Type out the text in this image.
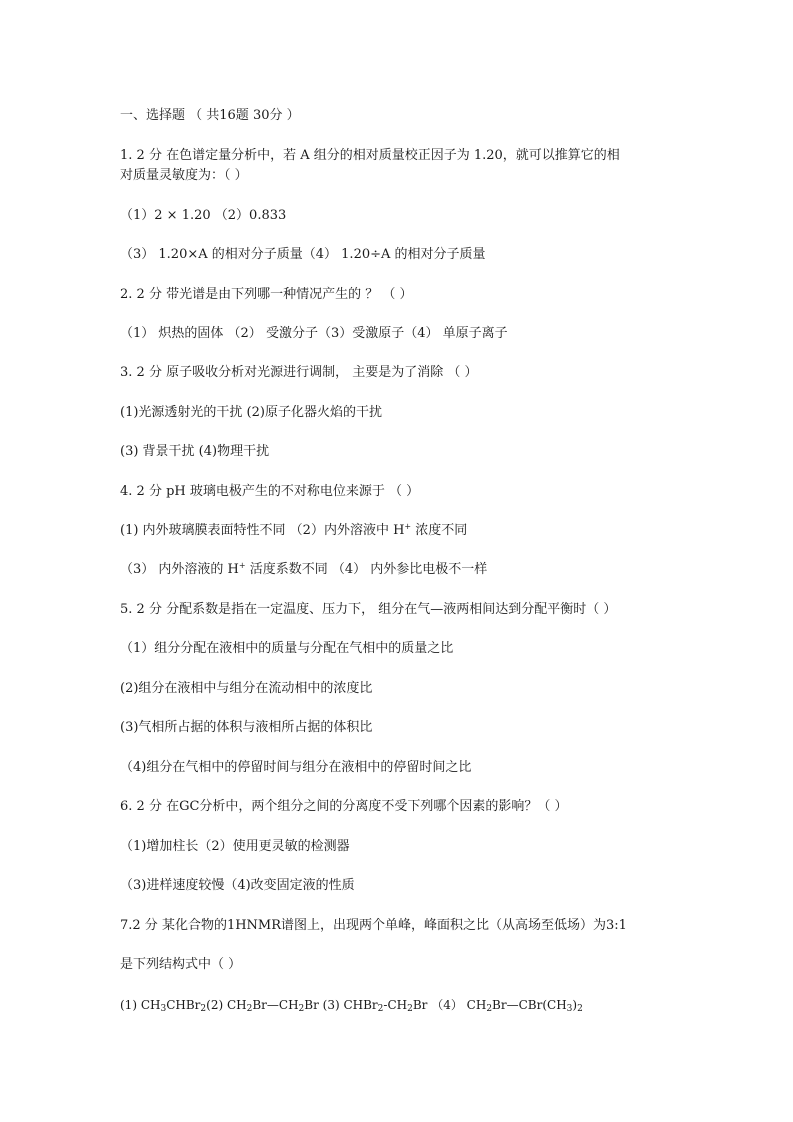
一、选择题 （ 共16题 30分 ）
1. 2 分 在色谱定量分析中，若 A 组分的相对质量校正因子为 1.20，就可以推算它的相
对质量灵敏度为：（ ）
（1）2 × 1.20 （2）0.833
（3） 1.20×A 的相对分子质量（4） 1.20÷A 的相对分子质量
2. 2 分 带光谱是由下列哪一种情况产生的 ？ （ ）
（1） 炽热的固体 （2） 受激分子（3）受激原子（4） 单原子离子
3. 2 分 原子吸收分析对光源进行调制， 主要是为了消除 （ ）
(1)光源透射光的干扰 (2)原子化器火焰的干扰
(3) 背景干扰 (4)物理干扰
4. 2 分 pH 玻璃电极产生的不对称电位来源于 （ ）
(1) 内外玻璃膜表面特性不同 （2）内外溶液中 H+ 浓度不同
（3） 内外溶液的 H+ 活度系数不同 （4） 内外参比电极不一样
5. 2 分 分配系数是指在一定温度、压力下， 组分在气—液两相间达到分配平衡时（ ）
（1）组分分配在液相中的质量与分配在气相中的质量之比
(2)组分在液相中与组分在流动相中的浓度比
(3)气相所占据的体积与液相所占据的体积比
（4)组分在气相中的停留时间与组分在液相中的停留时间之比
6. 2 分 在GC分析中，两个组分之间的分离度不受下列哪个因素的影响？（ ）
（1)增加柱长（2）使用更灵敏的检测器
（3)进样速度较慢（4)改变固定液的性质
7.2 分 某化合物的1HNMR谱图上，出现两个单峰，峰面积之比（从高场至低场）为3:1
是下列结构式中（ ）
(1) $CH_3CHBr_2(2)$ $CH_2Br—CH_2Br$ (3) $CHBr_2-CH_2Br$ （4） $CH_2Br—CBr(CH_3)_2$
